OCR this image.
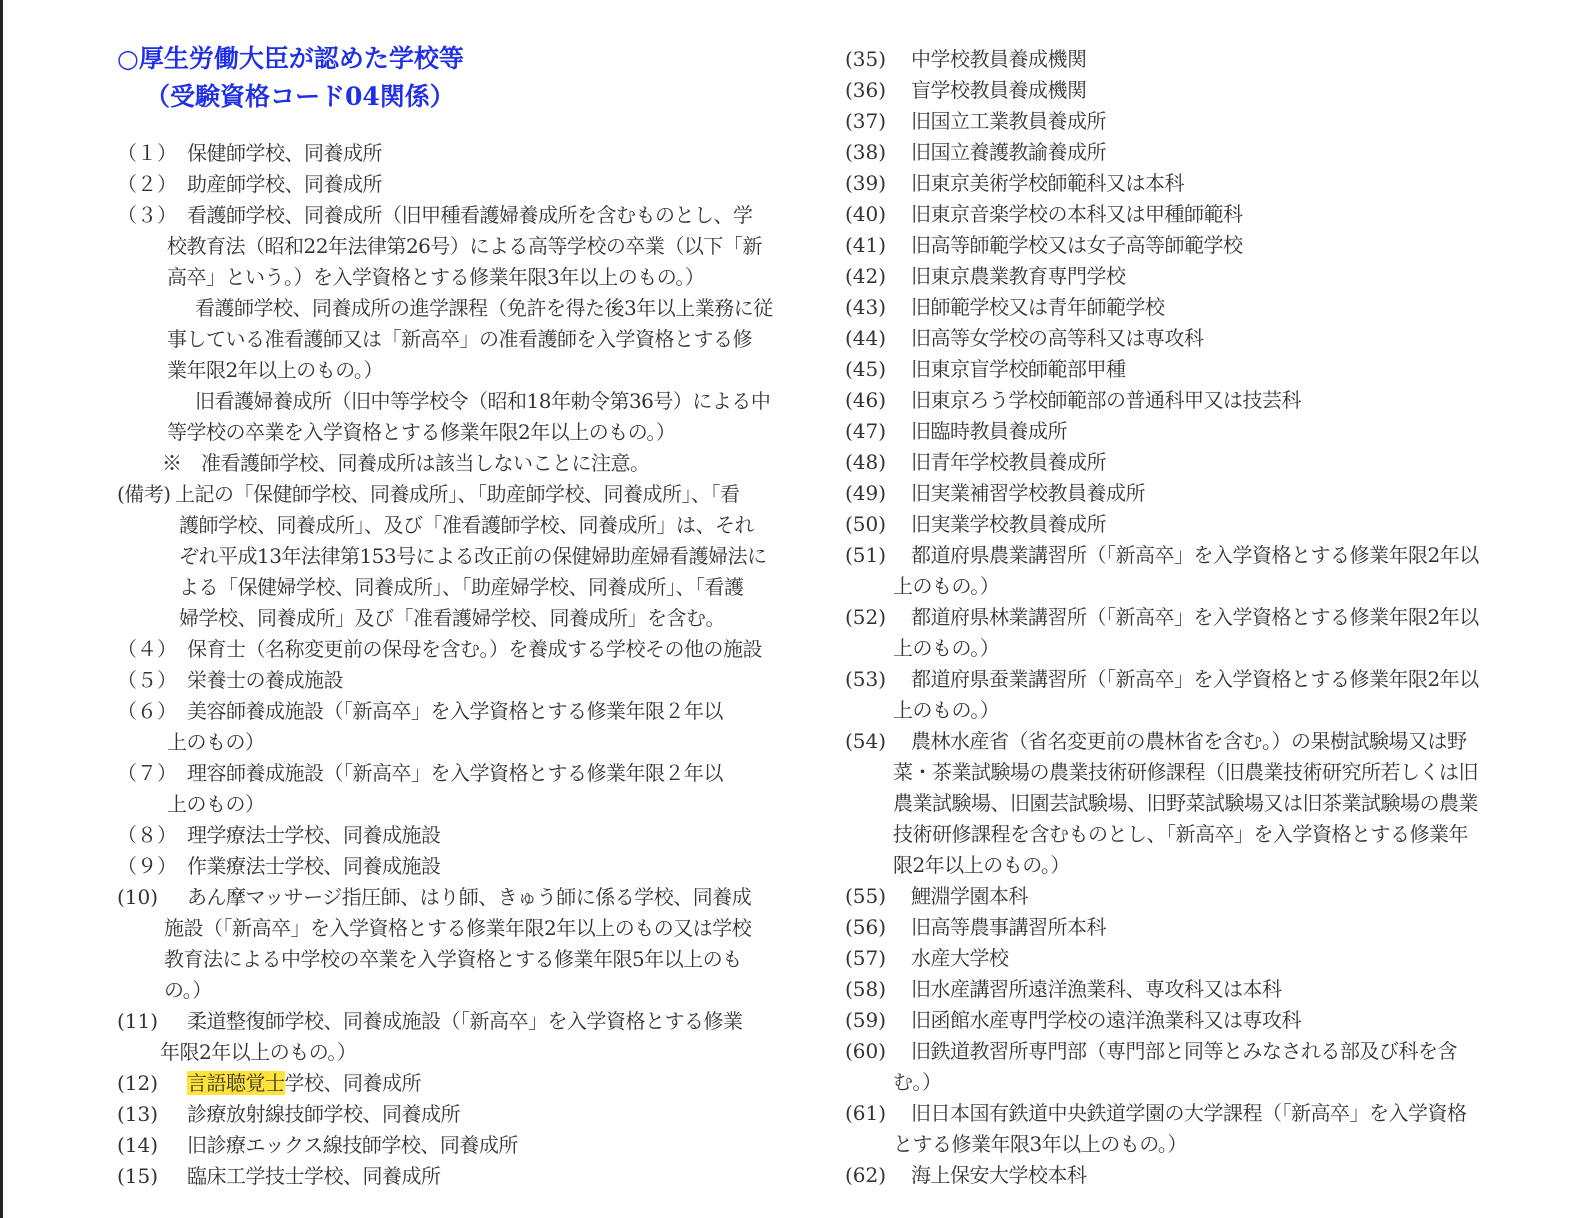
○厚生労働大臣が認めた学校等
（受験資格コード04関係）
（１） 保健師学校、同養成所
（２） 助産師学校、同養成所
（３） 看護師学校、同養成所（旧甲種看護婦養成所を含むものとし、学
校教育法（昭和22年法律第26号）による高等学校の卒業（以下「新
高卒」という。）を入学資格とする修業年限3年以上のもの。）
看護師学校、同養成所の進学課程（免許を得た後3年以上業務に従
事している准看護師又は「新高卒」の准看護師を入学資格とする修
業年限2年以上のもの。）
旧看護婦養成所（旧中等学校令（昭和18年勅令第36号）による中
等学校の卒業を入学資格とする修業年限2年以上のもの。）
※　准看護師学校、同養成所は該当しないことに注意。
(備考) 上記の「保健師学校、同養成所」、「助産師学校、同養成所」、「看
護師学校、同養成所」、及び「准看護師学校、同養成所」は、それ
ぞれ平成13年法律第153号による改正前の保健婦助産婦看護婦法に
よる「保健婦学校、同養成所」、「助産婦学校、同養成所」、「看護
婦学校、同養成所」及び「准看護婦学校、同養成所」を含む。
（４） 保育士（名称変更前の保母を含む。）を養成する学校その他の施設
（５） 栄養士の養成施設
（６） 美容師養成施設（「新高卒」を入学資格とする修業年限２年以
上のもの）
（７） 理容師養成施設（「新高卒」を入学資格とする修業年限２年以
上のもの）
（８） 理学療法士学校、同養成施設
（９） 作業療法士学校、同養成施設
(10)	あん摩マッサージ指圧師、はり師、きゅう師に係る学校、同養成
施設（「新高卒」を入学資格とする修業年限2年以上のもの又は学校
教育法による中学校の卒業を入学資格とする修業年限5年以上のも
の。）
(11)	柔道整復師学校、同養成施設（「新高卒」を入学資格とする修業
年限2年以上のもの。）
(12)	言語聴覚士学校、同養成所
(13)	診療放射線技師学校、同養成所
(14)	旧診療エックス線技師学校、同養成所
(15)	臨床工学技士学校、同養成所
(35)	中学校教員養成機関
(36)	盲学校教員養成機関
(37)	旧国立工業教員養成所
(38)	旧国立養護教諭養成所
(39)	旧東京美術学校師範科又は本科
(40)	旧東京音楽学校の本科又は甲種師範科
(41)	旧高等師範学校又は女子高等師範学校
(42)	旧東京農業教育専門学校
(43)	旧師範学校又は青年師範学校
(44)	旧高等女学校の高等科又は専攻科
(45)	旧東京盲学校師範部甲種
(46)	旧東京ろう学校師範部の普通科甲又は技芸科
(47)	旧臨時教員養成所
(48)	旧青年学校教員養成所
(49)	旧実業補習学校教員養成所
(50)	旧実業学校教員養成所
(51)	都道府県農業講習所（「新高卒」を入学資格とする修業年限2年以
上のもの。）
(52)	都道府県林業講習所（「新高卒」を入学資格とする修業年限2年以
上のもの。）
(53)	都道府県蚕業講習所（「新高卒」を入学資格とする修業年限2年以
上のもの。）
(54)	農林水産省（省名変更前の農林省を含む。）の果樹試験場又は野
菜・茶業試験場の農業技術研修課程（旧農業技術研究所若しくは旧
農業試験場、旧園芸試験場、旧野菜試験場又は旧茶業試験場の農業
技術研修課程を含むものとし、「新高卒」を入学資格とする修業年
限2年以上のもの。）
(55)	鯉淵学園本科
(56)	旧高等農事講習所本科
(57)	水産大学校
(58)	旧水産講習所遠洋漁業科、専攻科又は本科
(59)	旧函館水産専門学校の遠洋漁業科又は専攻科
(60)	旧鉄道教習所専門部（専門部と同等とみなされる部及び科を含
む。）
(61)	旧日本国有鉄道中央鉄道学園の大学課程（「新高卒」を入学資格
とする修業年限3年以上のもの。）
(62)	海上保安大学校本科
